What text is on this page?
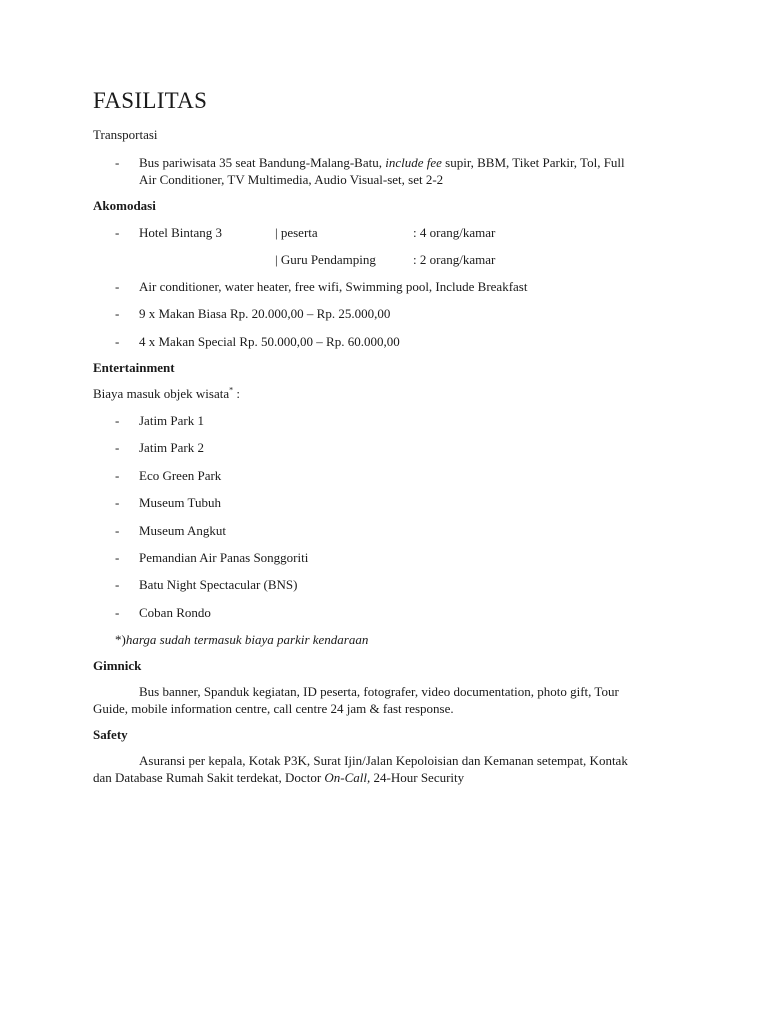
FASILITAS
Transportasi
-	Bus pariwisata 35 seat Bandung-Malang-Batu, include fee supir, BBM, Tiket Parkir, Tol, Full
Air Conditioner, TV Multimedia, Audio Visual-set, set 2-2
Akomodasi
-	Hotel Bintang 3	| peserta	: 4 orang/kamar
| Guru Pendamping	: 2 orang/kamar
-	Air conditioner, water heater, free wifi, Swimming pool, Include Breakfast
-	9 x Makan Biasa Rp. 20.000,00 – Rp. 25.000,00
-	4 x Makan Special Rp. 50.000,00 – Rp. 60.000,00
Entertainment
Biaya masuk objek wisata* :
-	Jatim Park 1
-	Jatim Park 2
-	Eco Green Park
-	Museum Tubuh
-	Museum Angkut
-	Pemandian Air Panas Songgoriti
-	Batu Night Spectacular (BNS)
-	Coban Rondo
*)harga sudah termasuk biaya parkir kendaraan
Gimnick
Bus banner, Spanduk kegiatan, ID peserta, fotografer, video documentation, photo gift, Tour
Guide, mobile information centre, call centre 24 jam & fast response.
Safety
Asuransi per kepala, Kotak P3K, Surat Ijin/Jalan Kepoloisian dan Kemanan setempat, Kontak
dan Database Rumah Sakit terdekat, Doctor On-Call, 24-Hour Security
